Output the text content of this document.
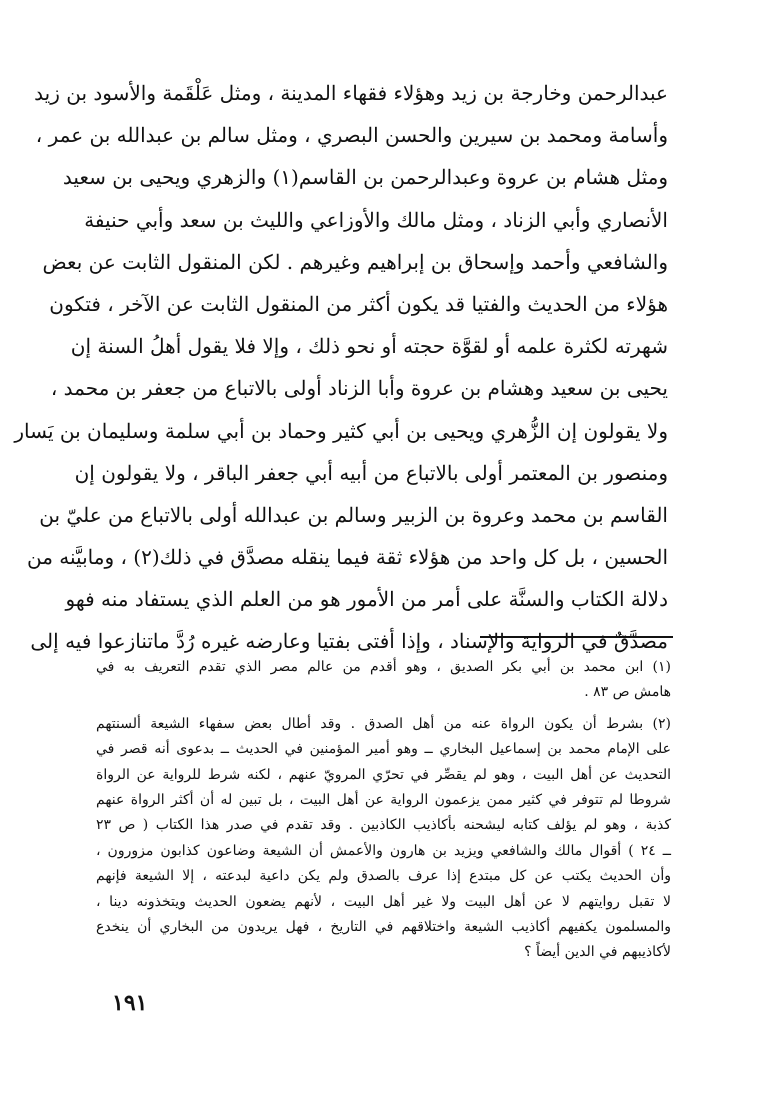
عبدالرحمن وخارجة بن زيد وهؤلاء فقهاء المدينة ، ومثل عَلْقَمة والأسود بن زيد
وأسامة ومحمد بن سيرين والحسن البصري ، ومثل سالم بن عبدالله بن عمر ،
ومثل هشام بن عروة وعبدالرحمن بن القاسم(١) والزهري ويحيى بن سعيد
الأنصاري وأبي الزناد ، ومثل مالك والأوزاعي والليث بن سعد وأبي حنيفة
والشافعي وأحمد وإسحاق بن إبراهيم وغيرهم . لكن المنقول الثابت عن بعض
هؤلاء من الحديث والفتيا قد يكون أكثر من المنقول الثابت عن الآخر ، فتكون
شهرته لكثرة علمه أو لقوَّة حجته أو نحو ذلك ، وإلا فلا يقول أهلُ السنة إن
يحيى بن سعيد وهشام بن عروة وأبا الزناد أولى بالاتباع من جعفر بن محمد ،
ولا يقولون إن الزُّهري ويحيى بن أبي كثير وحماد بن أبي سلمة وسليمان بن يَسار
ومنصور بن المعتمر أولى بالاتباع من أبيه أبي جعفر الباقر ، ولا يقولون إن
القاسم بن محمد وعروة بن الزبير وسالم بن عبدالله أولى بالاتباع من عليّ بن
الحسين ، بل كل واحد من هؤلاء ثقة فيما ينقله مصدَّق في ذلك(٢) ، ومابيَّنه من
دلالة الكتاب والسنَّة على أمر من الأمور هو من العلم الذي يستفاد منه فهو
مصدَّقٌ في الرواية والإسناد ، وإذا أفتى بفتيا وعارضه غيره رُدَّ ماتنازعوا فيه إلى
(١) ابن محمد بن أبي بكر الصديق ، وهو أقدم من عالم مصر الذي تقدم التعريف به في
هامش ص ٨٣ .
(٢) بشرط أن يكون الرواة عنه من أهل الصدق . وقد أطال بعض سفهاء الشيعة ألسنتهم
على الإمام محمد بن إسماعيل البخاري ــ وهو أمير المؤمنين في الحديث ــ بدعوى أنه قصر في
التحديث عن أهل البيت ، وهو لم يقصِّر في تحرّي المرويّ عنهم ، لكنه شرط للرواية عن الرواة
شروطا لم تتوفر في كثير ممن يزعمون الرواية عن أهل البيت ، بل تبين له أن أكثر الرواة عنهم
كذبة ، وهو لم يؤلف كتابه ليشحنه بأكاذيب الكاذبين . وقد تقدم في صدر هذا الكتاب ( ص ٢٣
ــ ٢٤ ) أقوال مالك والشافعي ويزيد بن هارون والأعمش أن الشيعة وضاعون كذابون مزورون ،
وأن الحديث يكتب عن كل مبتدع إذا عرف بالصدق ولم يكن داعية لبدعته ، إلا الشيعة فإنهم
لا تقبل روايتهم لا عن أهل البيت ولا غير أهل البيت ، لأنهم يضعون الحديث ويتخذونه دينا ،
والمسلمون يكفيهم أكاذيب الشيعة واختلاقهم في التاريخ ، فهل يريدون من البخاري أن ينخدع
لأكاذيبهم في الدين أيضاً ؟
١٩١
